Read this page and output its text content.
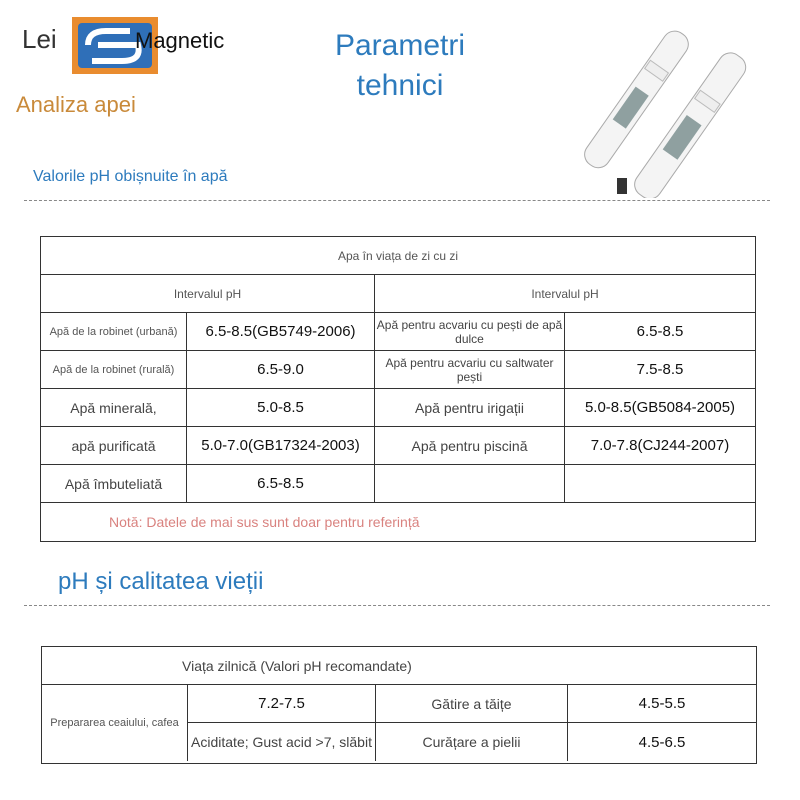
Lei	Magnetic
Analiza apei
Parametri
tehnici
Valorile pH obișnuite în apă
Apa în viața de zi cu zi
Intervalul pH	Intervalul pH
Apă de la robinet (urbană)	6.5-8.5(GB5749-2006)	Apă pentru acvariu cu pești de apă dulce	6.5-8.5
Apă de la robinet (rurală)	6.5-9.0	Apă pentru acvariu cu saltwater pești	7.5-8.5
Apă minerală,	5.0-8.5	Apă pentru irigații	5.0-8.5(GB5084-2005)
apă purificată	5.0-7.0(GB17324-2003)	Apă pentru piscină	7.0-7.8(CJ244-2007)
Apă îmbuteliată	6.5-8.5
Notă: Datele de mai sus sunt doar pentru referință
pH și calitatea vieții
Viața zilnică (Valori pH recomandate)
Prepararea ceaiului, cafea
7.2-7.5	Gătire a tăițe	4.5-5.5
Aciditate; Gust acid >7, slăbit	Curățare a pielii	4.5-6.5
